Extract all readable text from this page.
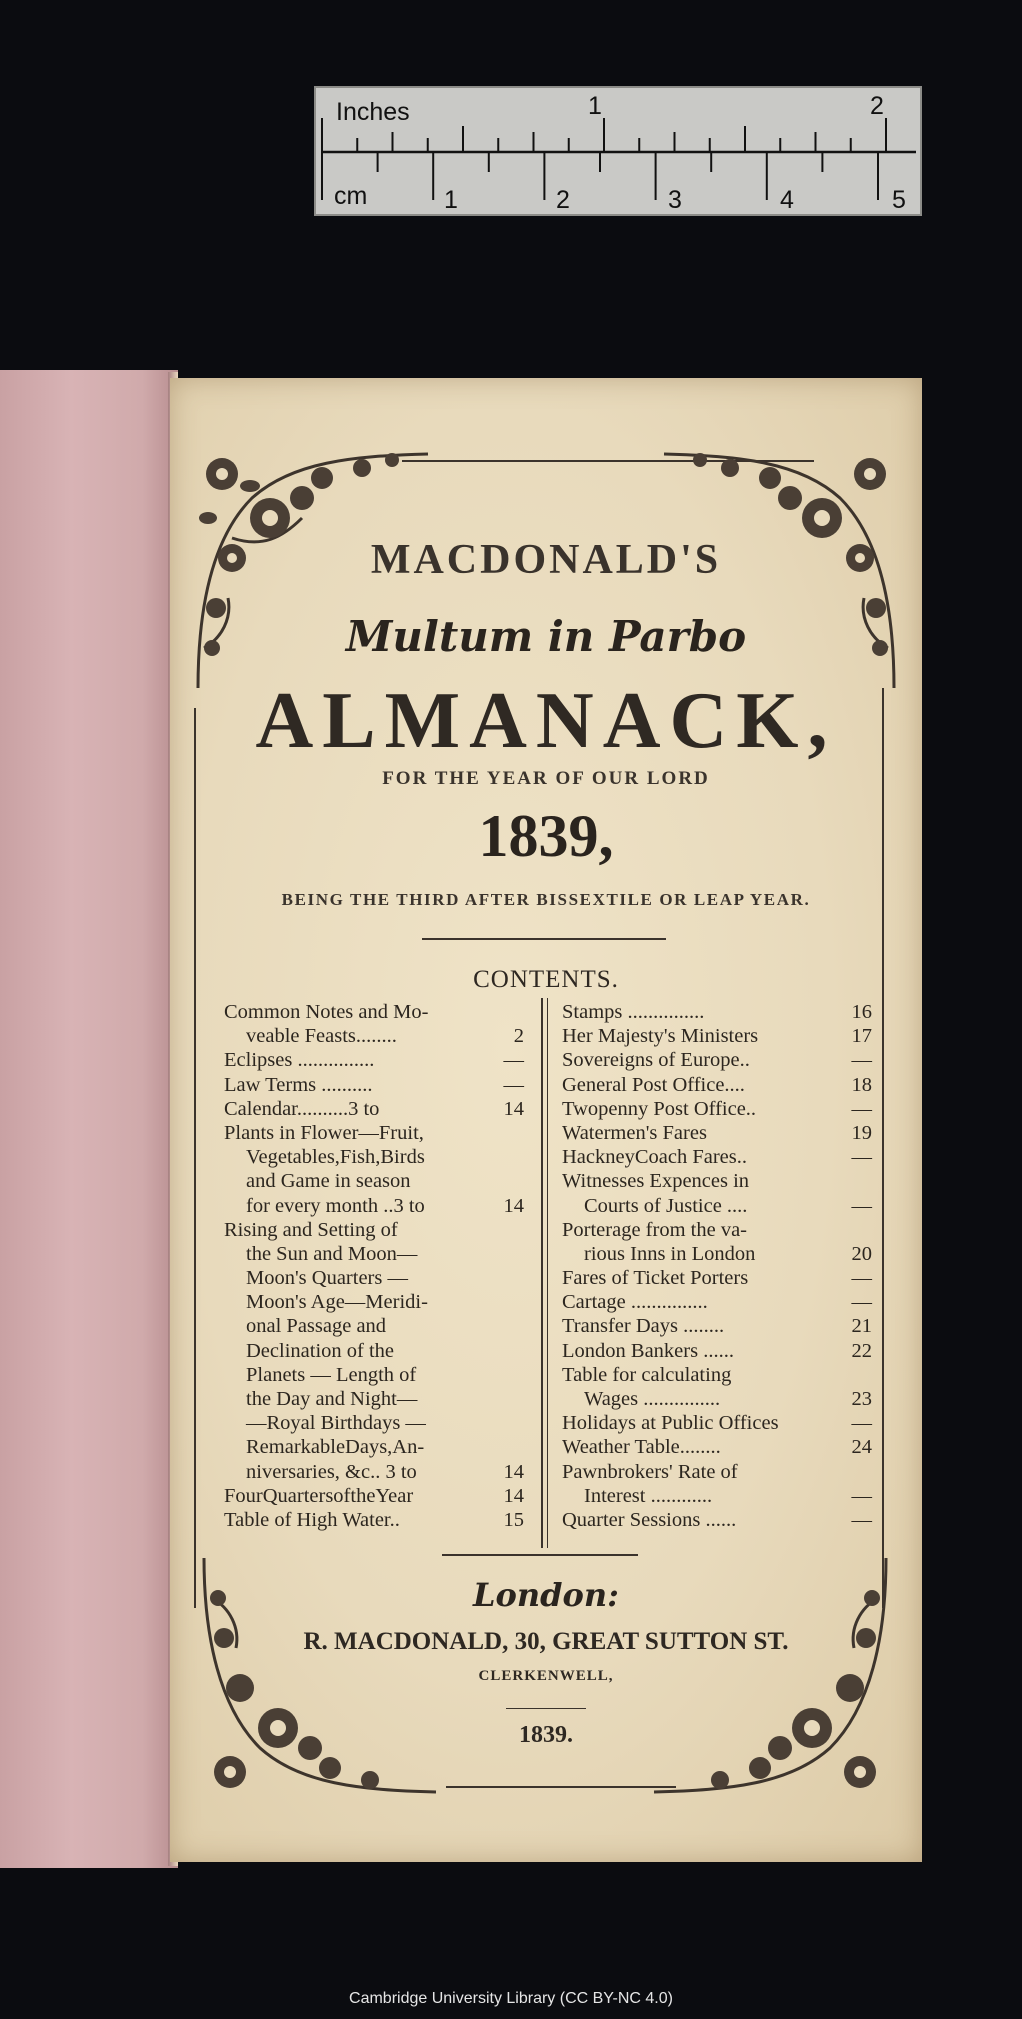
Inches
cm
1	2
1	2	3	4	5
MACDONALD'S
Multum in Parbo
ALMANACK,
FOR THE YEAR OF OUR LORD
1839,
BEING THE THIRD AFTER BISSEXTILE OR LEAP YEAR.
CONTENTS.
Common Notes and Mo-
veable Feasts........	2
Eclipses ...............	—
Law Terms ..........	—
Calendar..........3 to	14
Plants in Flower—Fruit,
Vegetables,Fish,Birds
and Game in season
for every month ..3 to	14
Rising and Setting of
the Sun and Moon—
Moon's Quarters —
Moon's Age—Meridi-
onal Passage and
Declination of the
Planets — Length of
the Day and Night—
—Royal Birthdays —
RemarkableDays,An-
niversaries, &c.. 3 to	14
FourQuartersoftheYear	14
Table of High Water..	15
Stamps ...............	16
Her Majesty's Ministers	17
Sovereigns of Europe..	—
General Post Office....	18
Twopenny Post Office..	—
Watermen's Fares	19
HackneyCoach Fares..	—
Witnesses Expences in
Courts of Justice ....	—
Porterage from the va-
rious Inns in London	20
Fares of Ticket Porters	—
Cartage ...............	—
Transfer Days ........	21
London Bankers ......	22
Table for calculating
Wages ...............	23
Holidays at Public Offices	—
Weather Table........	24
Pawnbrokers' Rate of
Interest ............	—
Quarter Sessions ......	—
London:
R. MACDONALD, 30, GREAT SUTTON ST.
CLERKENWELL,
1839.
Cambridge University Library (CC BY-NC 4.0)
